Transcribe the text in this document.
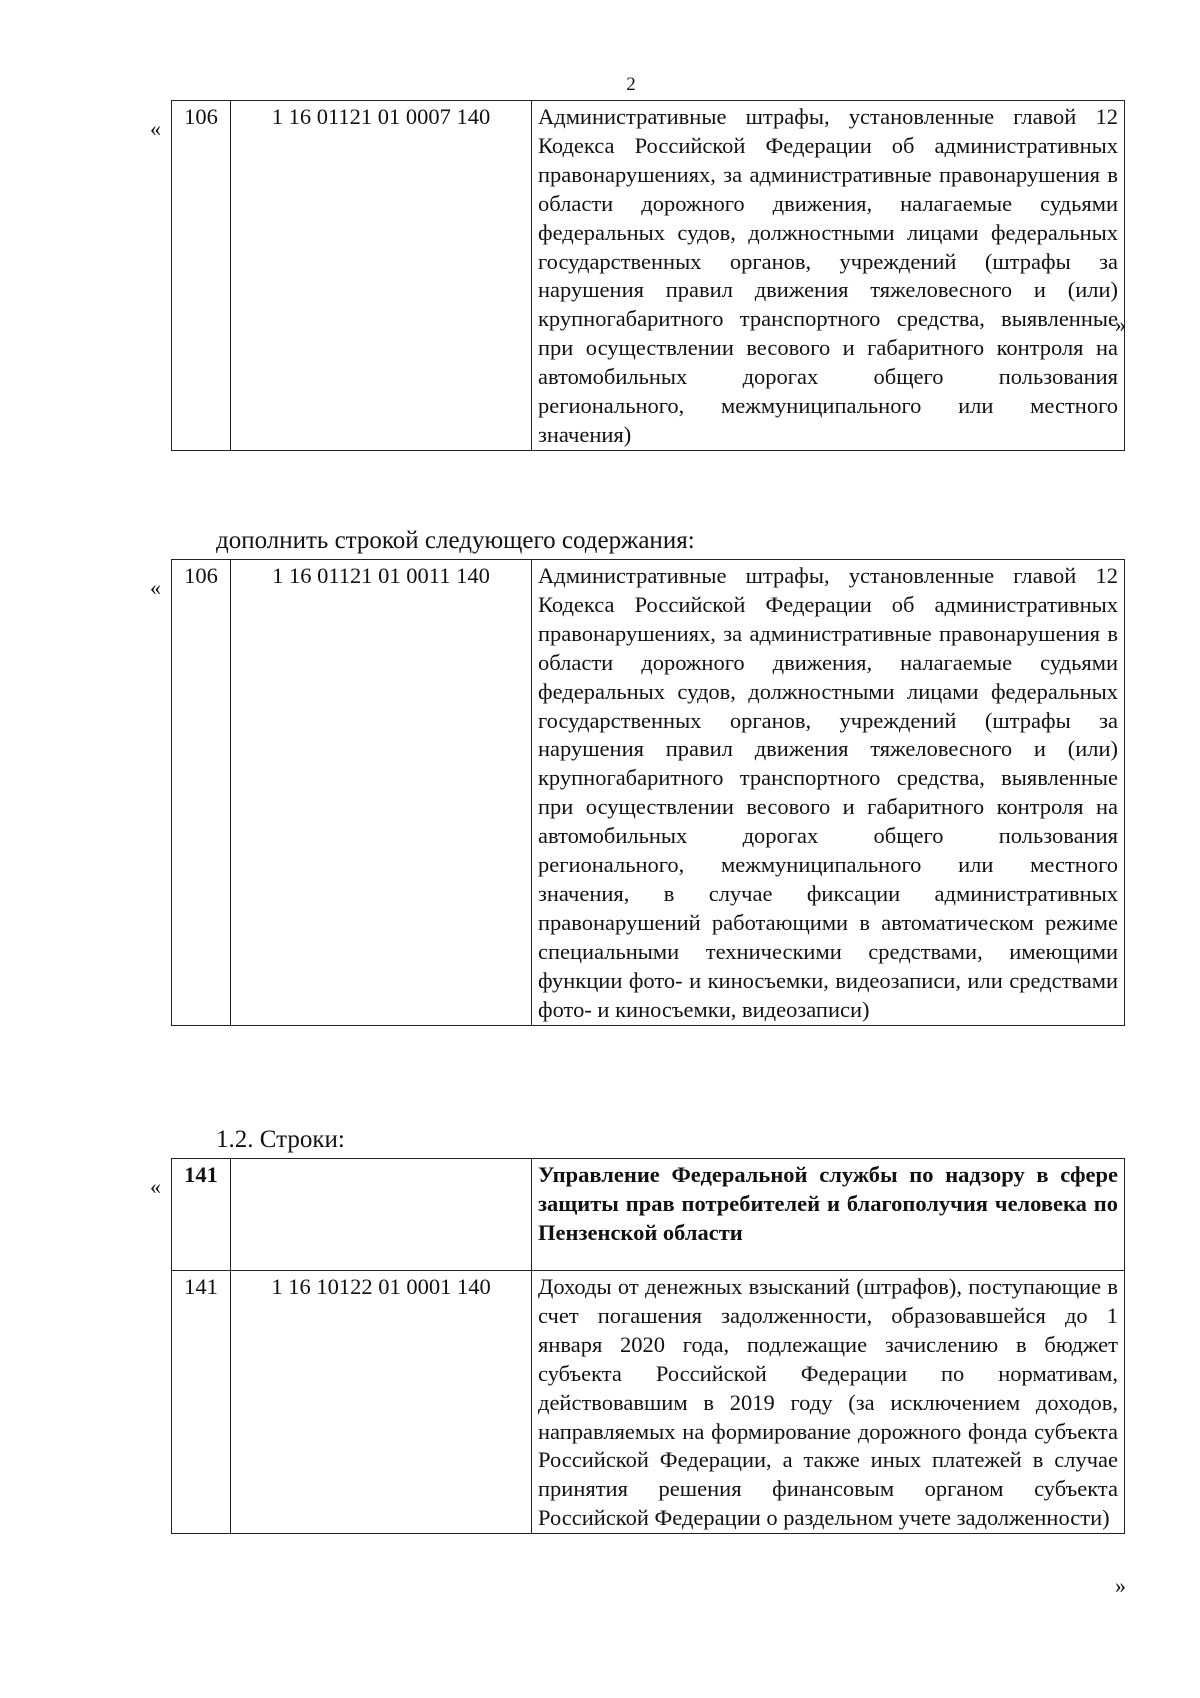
2
« 106	1 16 01121 01 0007 140	Административные штрафы, установленные главой 12 Кодекса Российской Федерации об административных правонарушениях, за административные правонарушения в области дорожного движения, налагаемые судьями федеральных судов, должностными лицами федеральных государственных органов, учреждений (штрафы за нарушения правил движения тяжеловесного и (или) крупногабаритного транспортного средства, выявленные при осуществлении весового и габаритного контроля на автомобильных дорогах общего пользования регионального, межмуниципального или местного значения)
»
дополнить строкой следующего содержания:
« 106	1 16 01121 01 0011 140	Административные штрафы, установленные главой 12 Кодекса Российской Федерации об административных правонарушениях, за административные правонарушения в области дорожного движения, налагаемые судьями федеральных судов, должностными лицами федеральных государственных органов, учреждений (штрафы за нарушения правил движения тяжеловесного и (или) крупногабаритного транспортного средства, выявленные при осуществлении весового и габаритного контроля на автомобильных дорогах общего пользования регионального, межмуниципального или местного значения, в случае фиксации административных правонарушений работающими в автоматическом режиме специальными техническими средствами, имеющими функции фото- и киносъемки, видеозаписи, или средствами фото- и киносъемки, видеозаписи)
1.2. Строки:
« 141		Управление Федеральной службы по надзору в сфере защиты прав потребителей и благополучия человека по Пензенской области
141	1 16 10122 01 0001 140	Доходы от денежных взысканий (штрафов), поступающие в счет погашения задолженности, образовавшейся до 1 января 2020 года, подлежащие зачислению в бюджет субъекта Российской Федерации по нормативам, действовавшим в 2019 году (за исключением доходов, направляемых на формирование дорожного фонда субъекта Российской Федерации, а также иных платежей в случае принятия решения финансовым органом субъекта Российской Федерации о раздельном учете задолженности)
»
